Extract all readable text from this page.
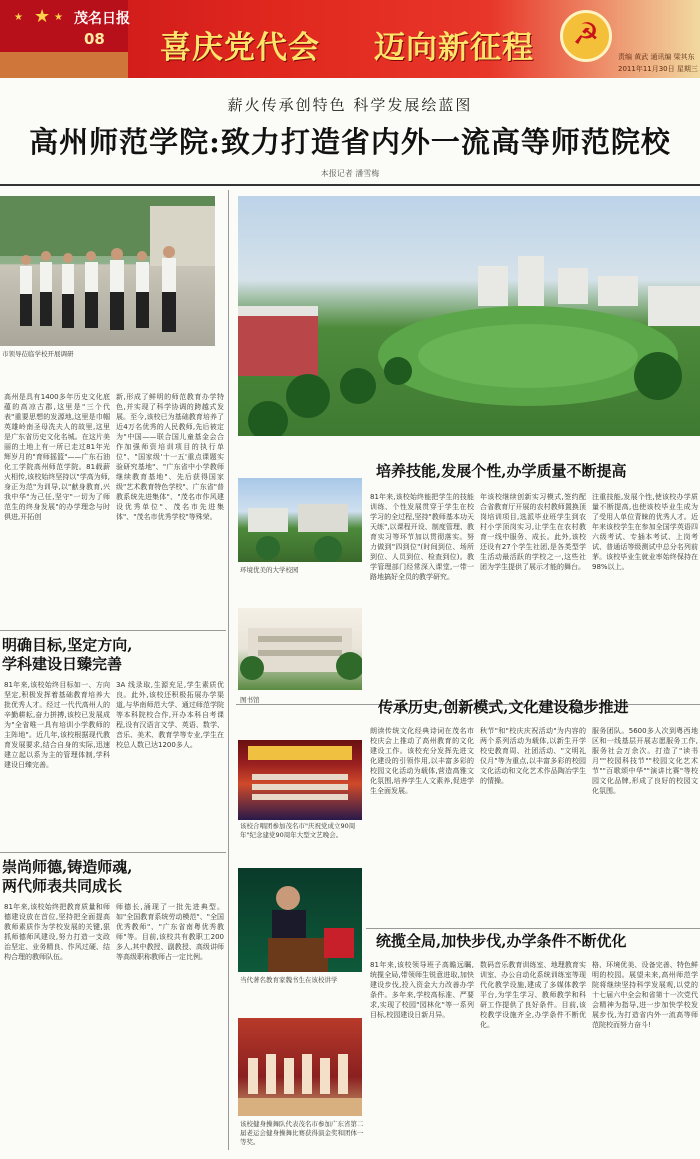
★
★	★ 茂名日报
08 喜庆党代会 迈向新征程	☭
责编 黄武 通讯编 梁其东
2011年11月30日 星期三
薪火传承创特色 科学发展绘蓝图
高州师范学院:致力打造省内外一流高等师范院校
本报记者 潘雪梅
市领导莅临学校开展调研
高州是具有1400多年历史文化底蕴的高凉古郡,这里是"三个代表"重要思想的发源地,这里是巾帼英雄岭南圣母冼夫人的故里,这里是广东省历史文化名城。在这片美丽的土地上有一所已走过81年光辉岁月的"育师摇篮"——广东石油化工学院高州师范学院。81载薪火相传,该校始终坚持以"学高为师,身正为范"为训导,以"献身教育,兴我中华"为己任,坚守"一切为了师范生的终身发展"的办学理念与时俱进,开拓创
新,形成了鲜明的师范教育办学特色,并实现了科学协调的跨越式发展。至今,该校已为基础教育培养了近4万名优秀的人民教师,先后被定为"中国——联合国儿童基金会合作加强师资培训项目的执行单位"、"国家级'十一五'重点课题实验研究基地"、"广东省中小学教师继续教育基地"、先后获得国家级"艺术教育特色学校"、广东省"普教系统先进集体"、"茂名市作风建设优秀单位"、茂名市先进集体"、"茂名市优秀学校"等殊荣。
明确目标,坚定方向,
学科建设日臻完善
81年来,该校始终目标如一、方向坚定,积极发挥着基础教育培养大批优秀人才。经过一代代高州人的辛勤耕耘,奋力拼搏,该校已发展成为"全省唯一具有培训小学教师的主阵地"。近几年,该校根据现代教育发展要求,结合自身的实际,迅速建立起以系为主的管理体制,学科建设日臻完善。
3A 线录取,生源充足,学生素质优良。此外,该校还积极拓展办学渠道,与华南师范大学、通过师范学院等本科院校合作,开办本科自考课程,设有汉语言文学、英语、数学、音乐、美术、教育学等专业,学生在校总人数已达1200多人。
崇尚师德,铸造师魂,
两代师表共同成长
81年来,该校始终把教育质量和师德建设放在首位,坚持把全面提高教师素质作为学校发展的关键,狠抓师德师风建设,努力打造一支政治坚定、业务精良、作风过硬、结构合理的教师队伍。
师德长,涌现了一批先进典型。如"全国教育系统劳动模范"、"全国优秀教师"、"广东省南粤优秀教师"等。目前,该校共有教职工200多人,其中教授、副教授、高级讲师等高级职称教师占一定比例。
培养技能,发展个性,办学质量不断提高
环境优美的大学校园
81年来,该校始终能把学生的技能训练、个性发展贯穿于学生在校学习的全过程,坚持"教师基本功天天练",以课程开设、制度管理、教育实习等环节加以贯彻落实。努力做到"四到位"(时间到位、场所到位、人员到位、检查到位)。教学管理部门经常深入课堂,一带一路地搞好全员的教学研究。
年该校继续创新实习模式,签约配合省教育厅开展的农村教师置换顶岗培训项目,选派毕业班学生到农村小学顶岗实习,让学生在农村教育一线中服务、成长。此外,该校还设有27个学生社团,是各类型学生活动最活跃的学校之一,这些社团为学生提供了展示才能的舞台。
注重技能,发展个性,使该校办学质量不断提高,也使该校毕业生成为了受用人单位青睐的优秀人才。近年来该校学生在参加全国学英语四六级考试、专插本考试、上岗考试、普通话等级测试中总分名列前茅。该校毕业生就业率始终保持在98%以上。
图书馆	传承历史,创新模式,文化建设稳步推进
该校合唱团参加茂名市"庆祝党成立90周年"纪念建党90周年大型文艺晚会。
朗读传统文化经典诗词在茂名市校庆会上推动了高州教育的文化建设工作。该校充分发挥先进文化建设的引领作用,以丰富多彩的校园文化活动为载体,营造高雅文化氛围,培养学生人文素养,促进学生全面发展。
秋节"和"校庆庆祝活动"为内容的两个系列活动为载体,以新生开学校史教育周、社团活动、"文明礼仪月"等为重点,以丰富多彩的校园文化活动和文化艺术作品陶冶学生的情操。
服务团队。5600多人次到粤西地区和一线基层开展志愿服务工作,服务社会万余次。打造了"读书月""校园科技节""校园文化艺术节""百歌颂中华""演讲比赛"等校园文化品牌,形成了良好的校园文化氛围。
当代著名教育家魏书生在该校讲学
统揽全局,加快步伐,办学条件不断优化
81年来,该校领导班子高瞻远瞩,统揽全局,带领师生锐意进取,加快建设步伐,投入资金大力改善办学条件。多年来,学校高标准、严要求,实现了校园"园林化"等一系列目标,校园建设日新月异。
数码音乐教育训练室、地理教育实训室、办公自动化系统训练室等现代化教学设施,建成了多媒体教学平台,为学生学习、教师教学和科研工作提供了良好条件。目前,该校教学设施齐全,办学条件不断优化。
格、环境优美、设备完善、特色鲜明的校园。展望未来,高州师范学院将继续坚持科学发展观,以党的十七届六中全会和省第十一次党代会精神为指导,进一步加快学校发展步伐,为打造省内外一流高等师范院校而努力奋斗!
该校健身操舞队代表茂名市参加广东省第二届老运会健身操舞比赛获得演金奖和团体一等奖。
